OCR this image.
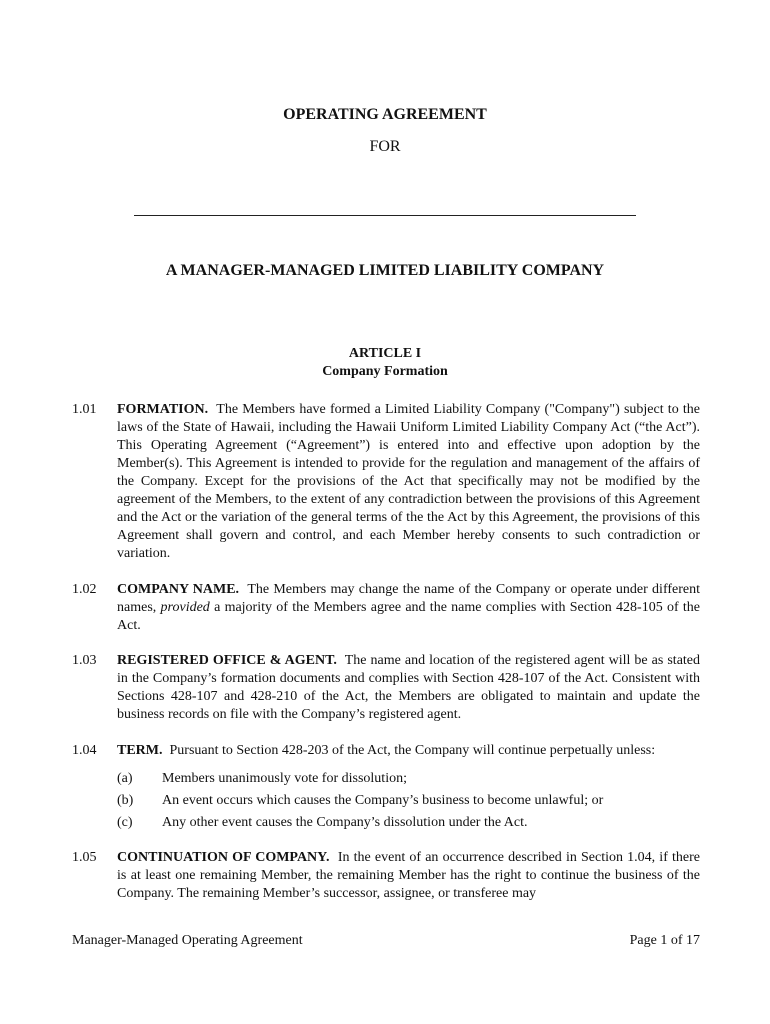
OPERATING AGREEMENT
FOR
A MANAGER-MANAGED LIMITED LIABILITY COMPANY
ARTICLE I
Company Formation
1.01	FORMATION. The Members have formed a Limited Liability Company ("Company") subject to the laws of the State of Hawaii, including the Hawaii Uniform Limited Liability Company Act (“the Act”). This Operating Agreement (“Agreement”) is entered into and effective upon adoption by the Member(s). This Agreement is intended to provide for the regulation and management of the affairs of the Company. Except for the provisions of the Act that specifically may not be modified by the agreement of the Members, to the extent of any contradiction between the provisions of this Agreement and the Act or the variation of the general terms of the the Act by this Agreement, the provisions of this Agreement shall govern and control, and each Member hereby consents to such contradiction or variation.
1.02	COMPANY NAME. The Members may change the name of the Company or operate under different names, provided a majority of the Members agree and the name complies with Section 428-105 of the Act.
1.03	REGISTERED OFFICE & AGENT. The name and location of the registered agent will be as stated in the Company’s formation documents and complies with Section 428-107 of the Act. Consistent with Sections 428-107 and 428-210 of the Act, the Members are obligated to maintain and update the business records on file with the Company’s registered agent.
1.04	TERM. Pursuant to Section 428-203 of the Act, the Company will continue perpetually unless:
(a) Members unanimously vote for dissolution;
(b) An event occurs which causes the Company’s business to become unlawful; or
(c) Any other event causes the Company’s dissolution under the Act.
1.05	CONTINUATION OF COMPANY. In the event of an occurrence described in Section 1.04, if there is at least one remaining Member, the remaining Member has the right to continue the business of the Company. The remaining Member’s successor, assignee, or transferee may
Manager-Managed Operating Agreement	Page 1 of 17
